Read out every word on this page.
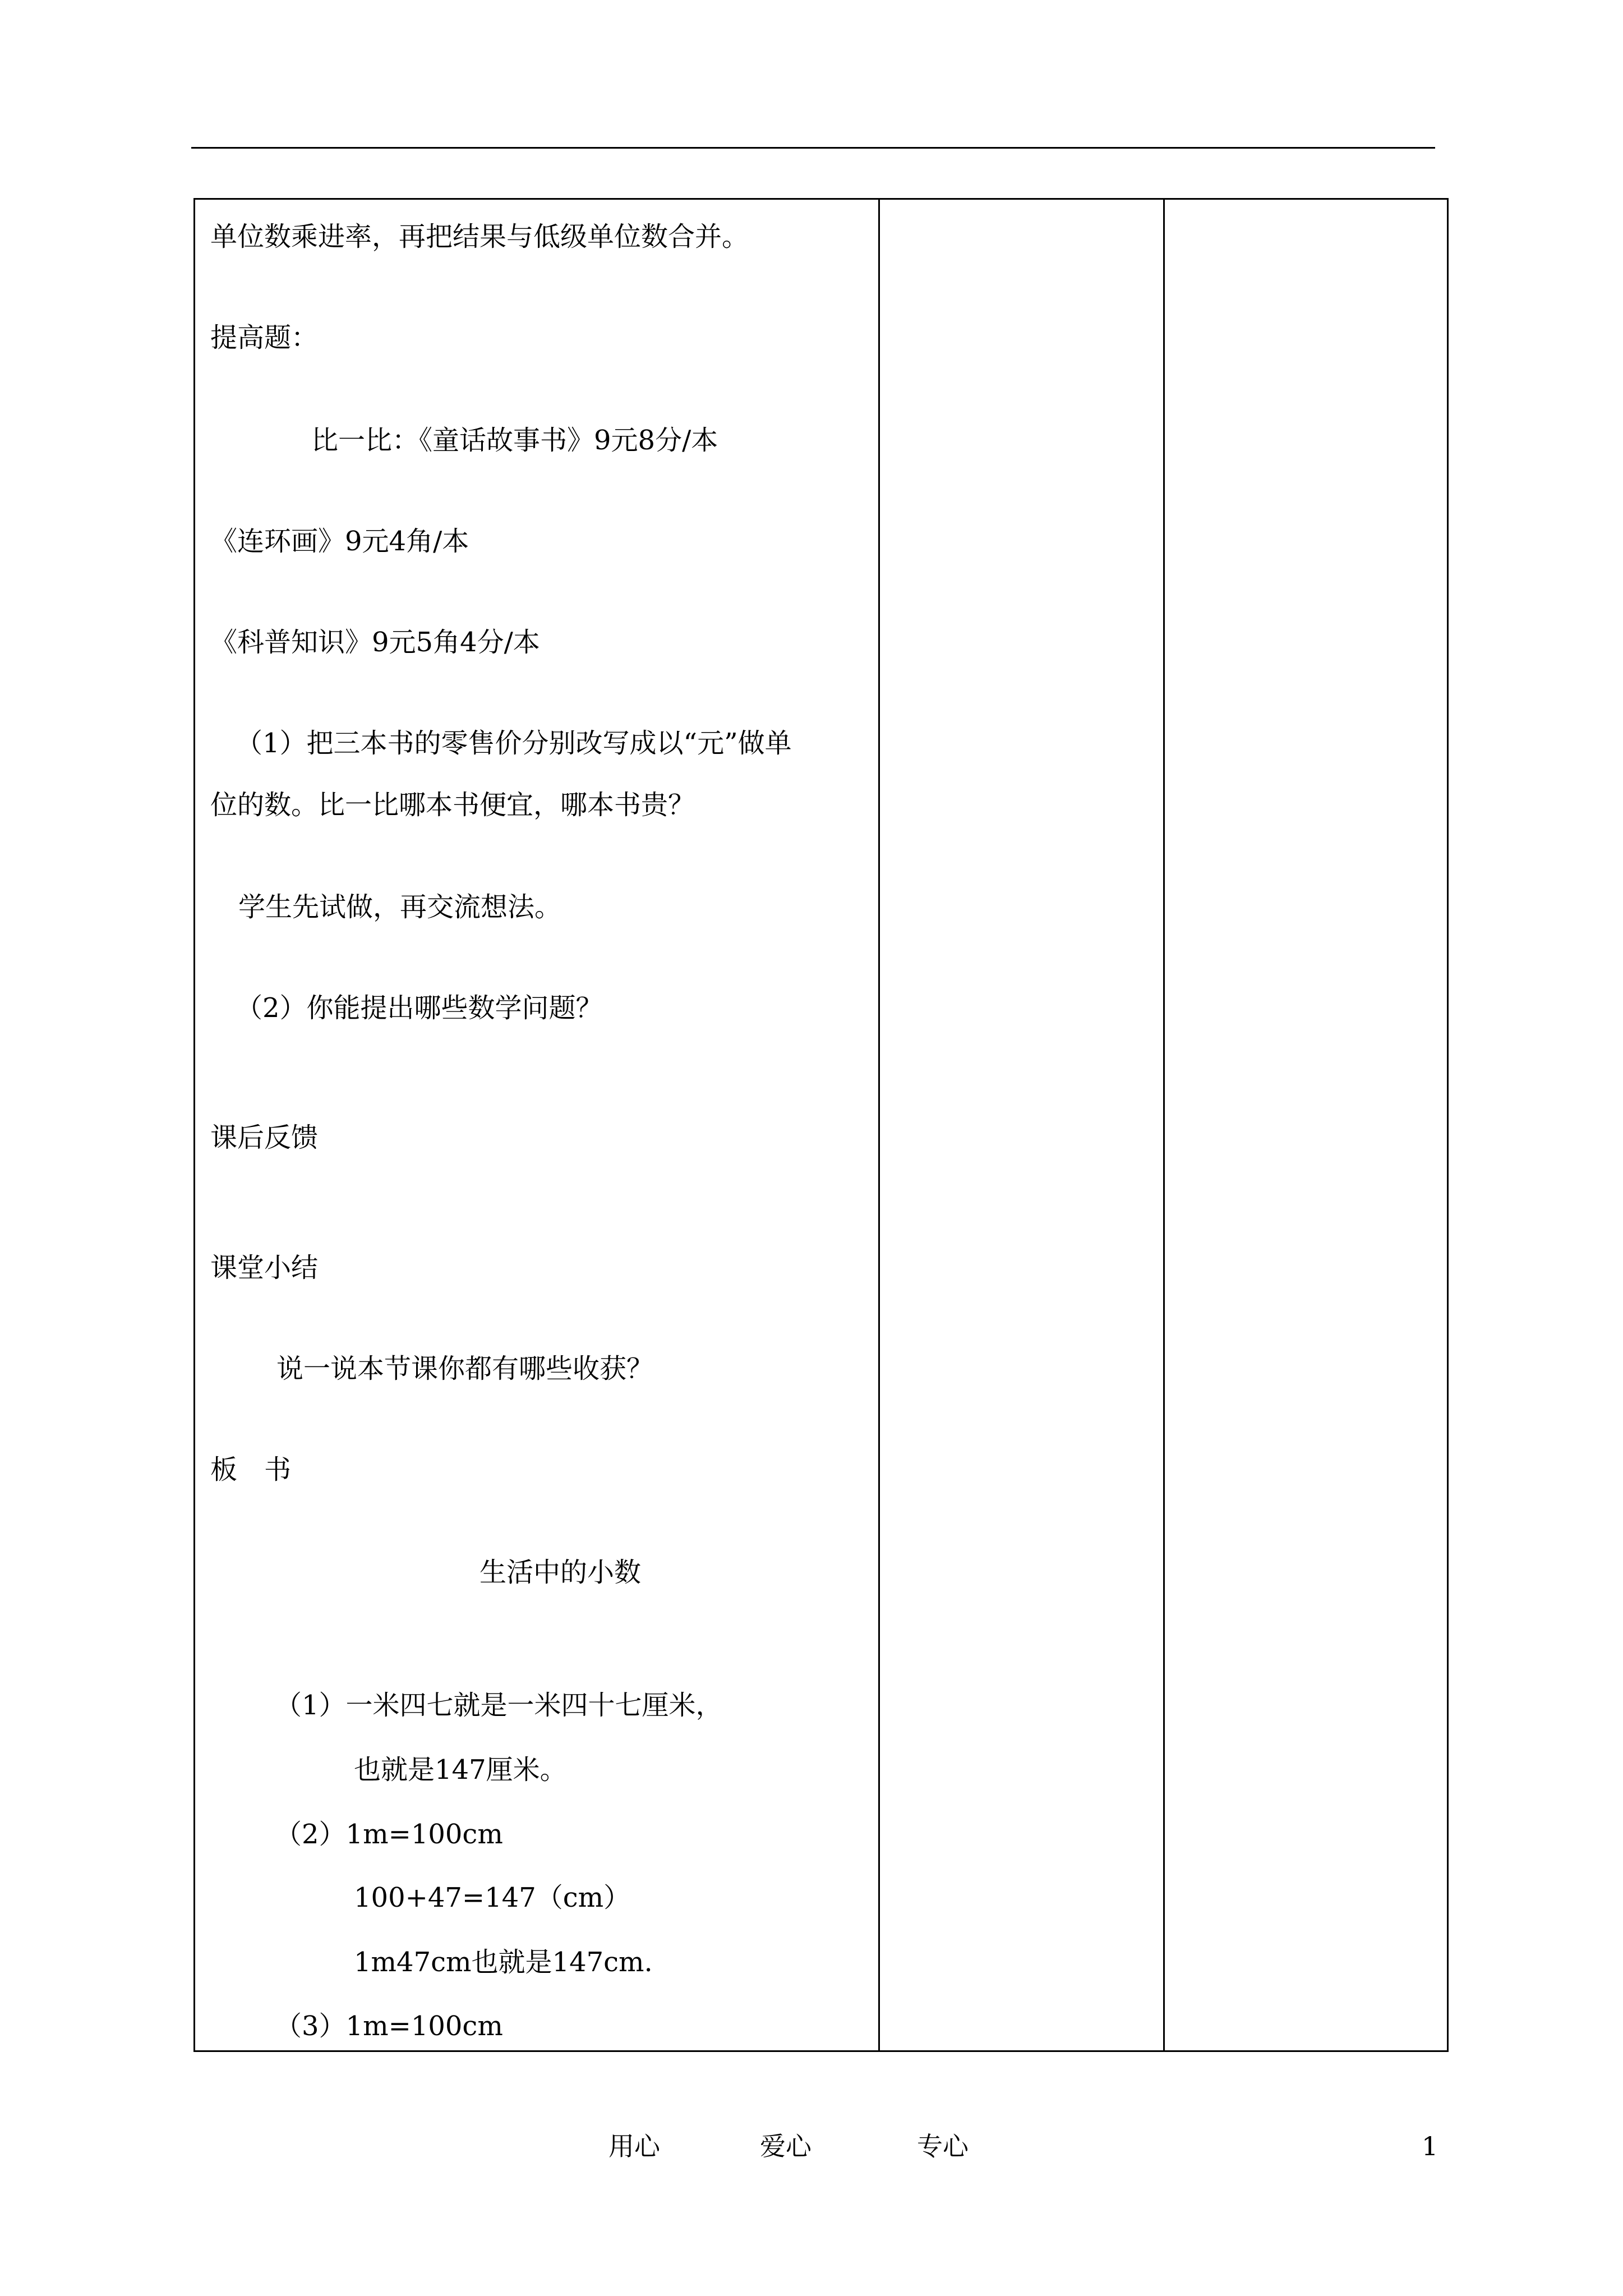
单位数乘进率，再把结果与低级单位数合并。
提高题：
比一比：《童话故事书》9元8分/本
《连环画》9元4角/本
《科普知识》9元5角4分/本
（1）把三本书的零售价分别改写成以“元”做单
位的数。比一比哪本书便宜，哪本书贵？
学生先试做，再交流想法。
（2）你能提出哪些数学问题？
课后反馈
课堂小结
说一说本节课你都有哪些收获？
板　书
生活中的小数
（1）一米四七就是一米四十七厘米，
也就是147厘米。
（2）1m=100cm
100+47=147（cm）
1m47cm也就是147cm.
（3）1m=100cm
用心	爱心	专心	1
